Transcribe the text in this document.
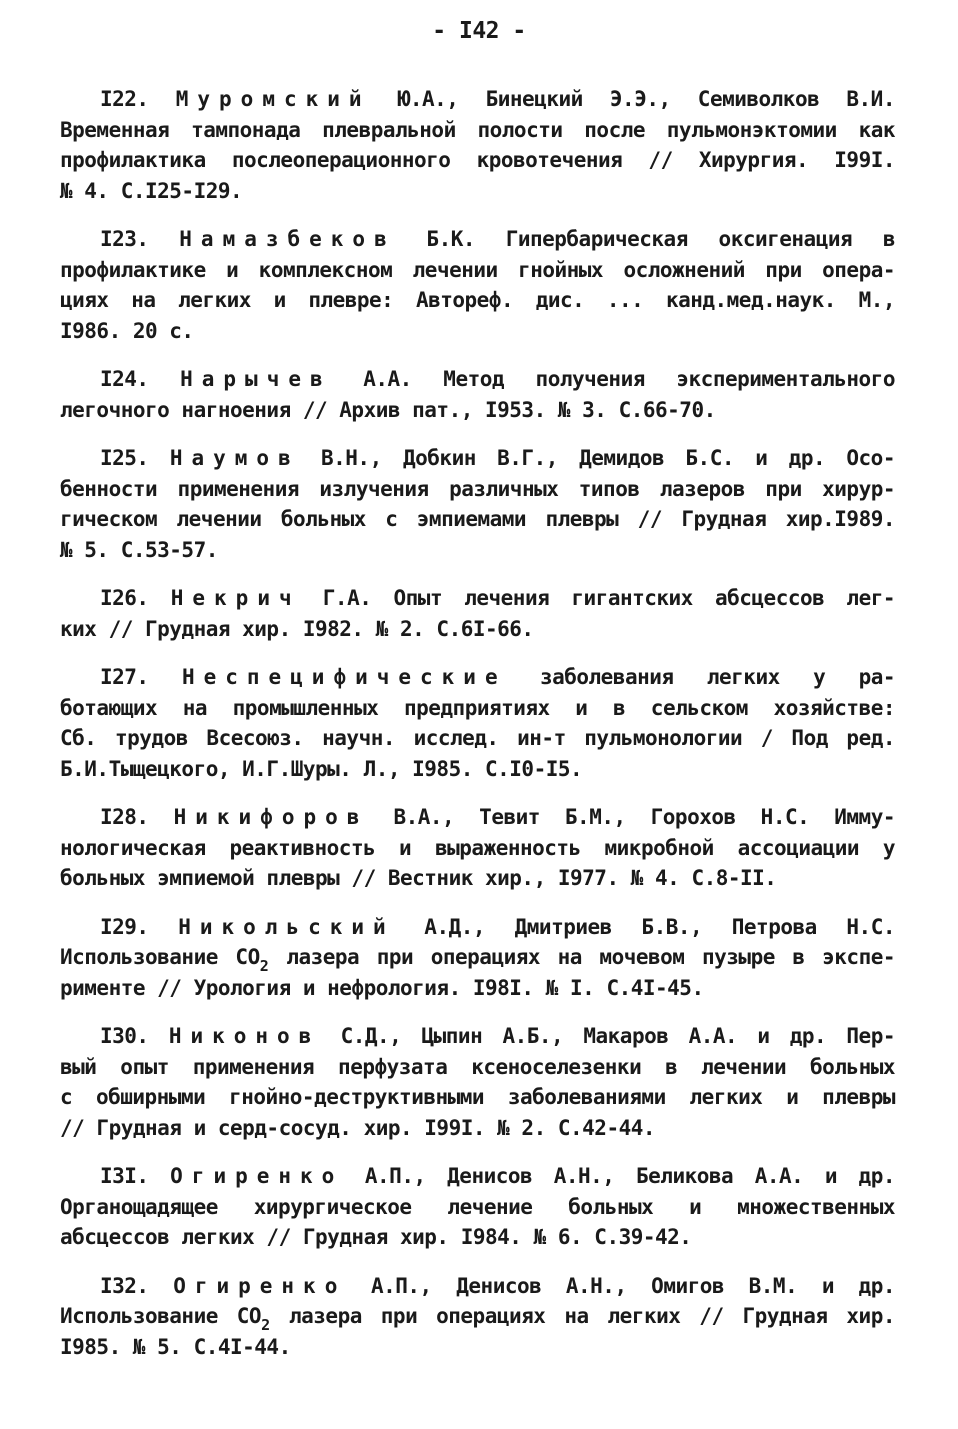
- I42 -
I22. Муромский Ю.А., Бинецкий Э.Э., Семиволков В.И.
Временная тампонада плевральной полости после пульмонэктомии как
профилактика послеоперационного кровотечения // Хирургия. I99I.
№ 4. С.I25-I29.
I23. Намазбеков Б.К. Гипербарическая оксигенация в
профилактике и комплексном лечении гнойных осложнений при опера-
циях на легких и плевре: Автореф. дис. ... канд.мед.наук. М.,
I986. 20 с.
I24. Нарычев А.А. Метод получения экспериментального
легочного нагноения // Архив пат., I953. № 3. С.66-70.
I25. Наумов В.Н., Добкин В.Г., Демидов Б.С. и др. Осо-
бенности применения излучения различных типов лазеров при хирур-
гическом лечении больных с эмпиемами плевры // Грудная хир.I989.
№ 5. С.53-57.
I26. Некрич Г.А. Опыт лечения гигантских абсцессов лег-
ких // Грудная хир. I982. № 2. С.6I-66.
I27. Неспецифические заболевания легких у ра-
ботающих на промышленных предприятиях и в сельском хозяйстве:
Сб. трудов Всесоюз. научн. исслед. ин-т пульмонологии / Под ред.
Б.И.Тыщецкого, И.Г.Шуры. Л., I985. С.I0-I5.
I28. Никифоров В.А., Тевит Б.М., Горохов Н.С. Иммy-
нологическая реактивность и выраженность микробной ассоциации у
больных эмпиемой плевры // Вестник хир., I977. № 4. С.8-II.
I29. Никольский А.Д., Дмитриев Б.В., Петрова Н.С.
Использование $CO_2$ лазера при операциях на мочевом пузыре в экспе-
рименте // Урология и нефрология. I98I. № I. С.4I-45.
I30. Никонов С.Д., Цыпин А.Б., Макаров А.А. и др. Пер-
вый опыт применения перфузата ксеноселезенки в лечении больных
с обширными гнойно-деструктивными заболеваниями легких и плевры
// Грудная и серд-сосуд. хир. I99I. № 2. С.42-44.
I3I. Огиренко А.П., Денисов А.Н., Беликова А.А. и др.
Органощадящее хирургическое лечение больных и множественных
абсцессов легких // Грудная хир. I984. № 6. С.39-42.
I32. Огиренко А.П., Денисов А.Н., Омигов В.М. и др.
Использование $CO_2$ лазера при операциях на легких // Грудная хир.
I985. № 5. С.4I-44.
